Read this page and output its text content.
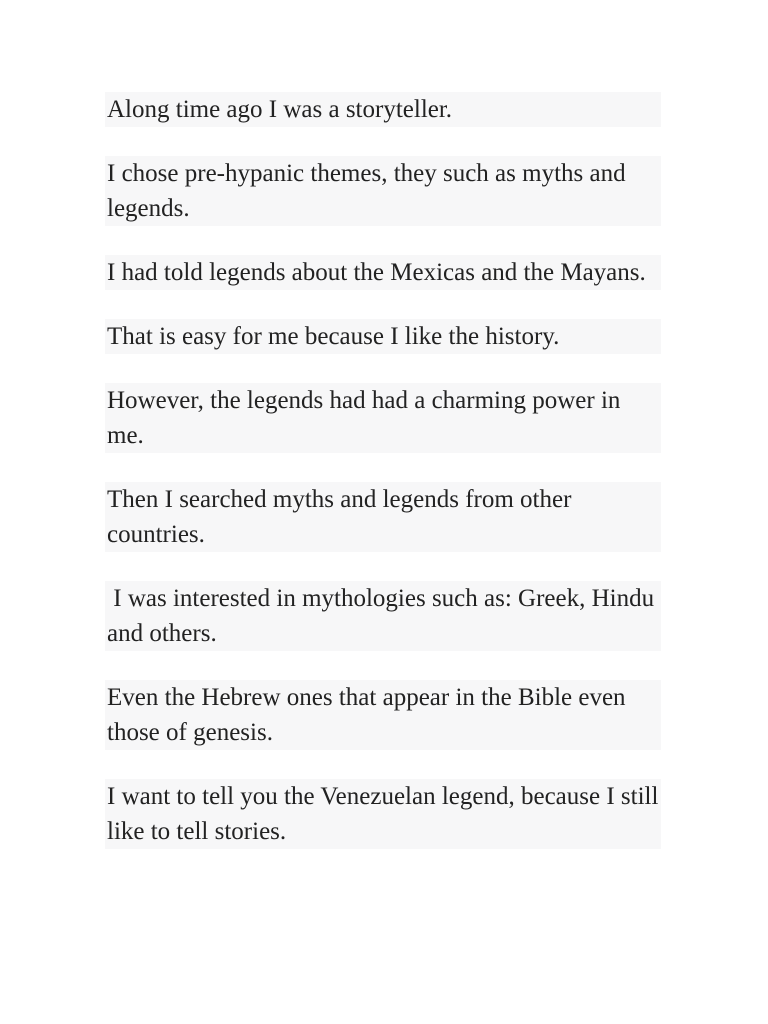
Along time ago I was a storyteller.

I chose pre-hypanic themes, they such as myths and legends.

I had told legends about the Mexicas and the Mayans.

That is easy for me because I like the history.

However, the legends had had a charming power in me.

Then I searched myths and legends from other countries.

I was interested in mythologies such as: Greek, Hindu and others.

Even the Hebrew ones that appear in the Bible even those of genesis.

I want to tell you the Venezuelan legend, because I still like to tell stories.
